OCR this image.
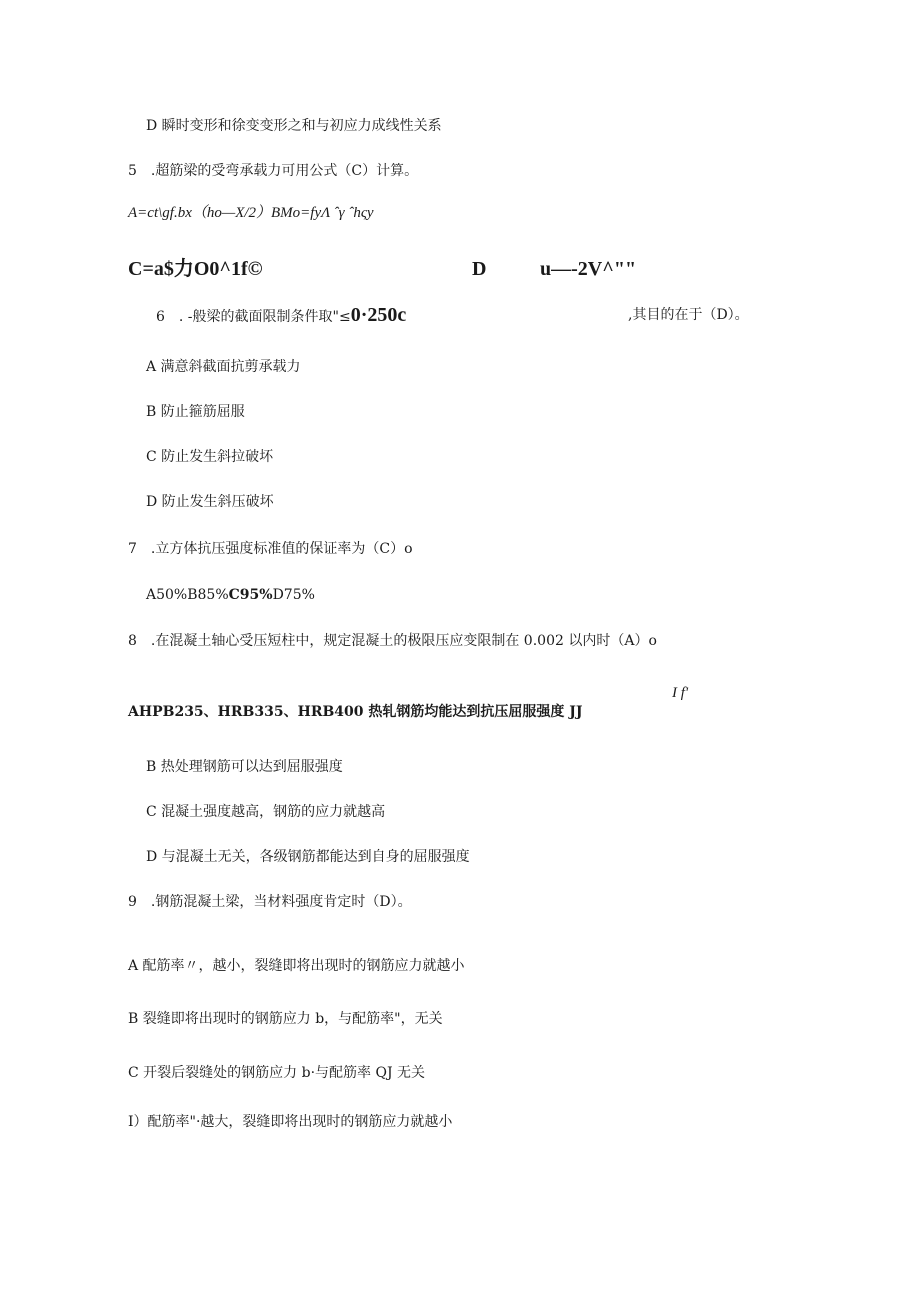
D 瞬时变形和徐变变形之和与初应力成线性关系
5　.超筋梁的受弯承载力可用公式（C）计算。
A=ct\gf.bx（ho—X/2）BMo=fyΛ ˆγ ˆhςy
C=a$力O0^1f©	D	u—-2V^""
6　. -般梁的截面限制条件取"≤0·250c	,其目的在于（D）。
A 满意斜截面抗剪承载力
B 防止箍筋屈服
C 防止发生斜拉破坏
D 防止发生斜压破坏
7　.立方体抗压强度标准值的保证率为（C）o
A50%B85%C95%D75%
8　.在混凝土轴心受压短柱中，规定混凝土的极限压应变限制在 0.002 以内时（A）o
I f'
AHPB235、HRB335、HRB400 热轧钢筋均能达到抗压屈服强度 JJ
B 热处理钢筋可以达到屈服强度
C 混凝土强度越高，钢筋的应力就越高
D 与混凝土无关，各级钢筋都能达到自身的屈服强度
9　.钢筋混凝土梁，当材料强度肯定时（D）。
A 配筋率〃，越小，裂缝即将出现时的钢筋应力就越小
B 裂缝即将出现时的钢筋应力 b，与配筋率"，无关
C 开裂后裂缝处的钢筋应力 b·与配筋率 QJ 无关
I）配筋率"·越大，裂缝即将出现时的钢筋应力就越小
